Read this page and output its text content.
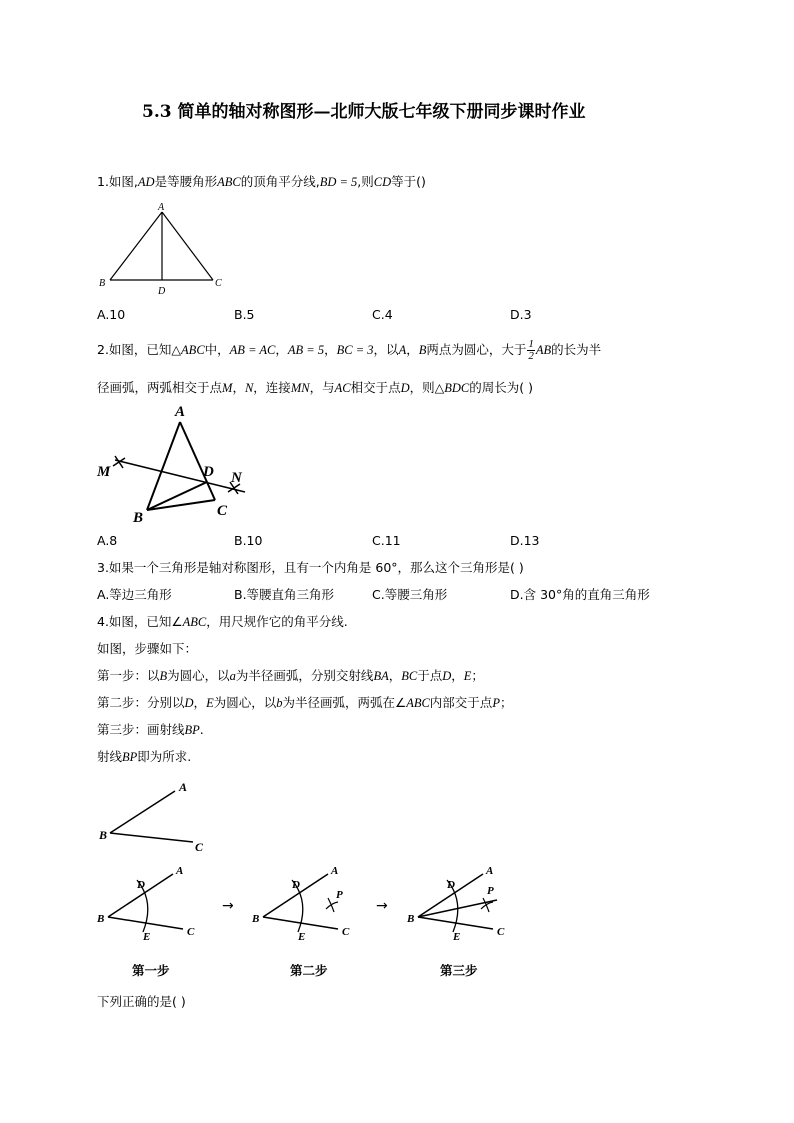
5.3 简单的轴对称图形—北师大版七年级下册同步课时作业
1.如图,AD是等腰角形ABC的顶角平分线,BD = 5,则CD等于()
A
B	C
D
A.10	B.5	C.4	D.3
2.如图，已知△ABC中，AB = AC，AB = 5，BC = 3，以A，B两点为圆心，大于 $\frac{1}{2}$ AB的长为半
径画弧，两弧相交于点M，N，连接MN，与AC相交于点D，则△BDC的周长为( )
A
B	C
D
M	N
A.8	B.10	C.11	D.13
3.如果一个三角形是轴对称图形，且有一个内角是 60°，那么这个三角形是( )
A.等边三角形	B.等腰直角三角形	C.等腰三角形	D.含 30°角的直角三角形
4.如图，已知∠ABC，用尺规作它的角平分线.
如图，步骤如下：
第一步：以B为圆心，以a为半径画弧，分别交射线BA，BC于点D，E；
第二步：分别以D，E为圆心，以b为半径画弧，两弧在∠ABC内部交于点P；
第三步：画射线BP.
射线BP即为所求.
A
B
C
A
B
C
D
E
→
A
B
C
D
E
P
→
A
B
C
D
E
P
第一步	第二步	第三步
下列正确的是( )
